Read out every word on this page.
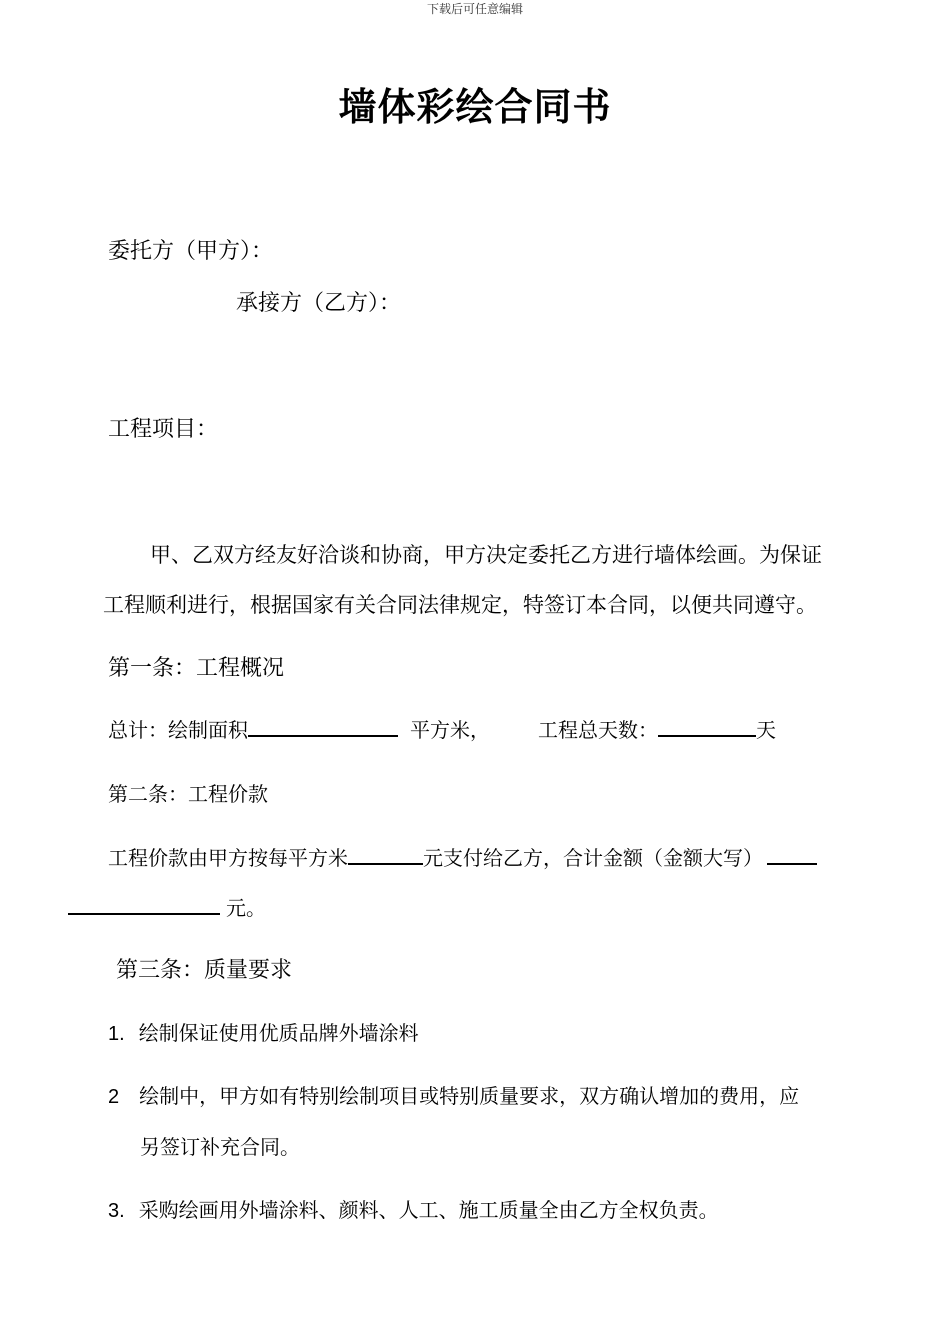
下载后可任意编辑
墙体彩绘合同书
委托方（甲方）：
承接方（乙方）：
工程项目：
甲、乙双方经友好洽谈和协商，甲方决定委托乙方进行墙体绘画。为保证
工程顺利进行，根据国家有关合同法律规定，特签订本合同，以便共同遵守。
第一条：工程概况
总计：绘制面积	平方米， 工程总天数：	天
第二条：工程价款
工程价款由甲方按每平方米	元支付给乙方，合计金额（金额大写）
元。
第三条：质量要求
1. 绘制保证使用优质品牌外墙涂料
2 绘制中，甲方如有特别绘制项目或特别质量要求，双方确认增加的费用，应
另签订补充合同。
3. 采购绘画用外墙涂料、颜料、人工、施工质量全由乙方全权负责。
